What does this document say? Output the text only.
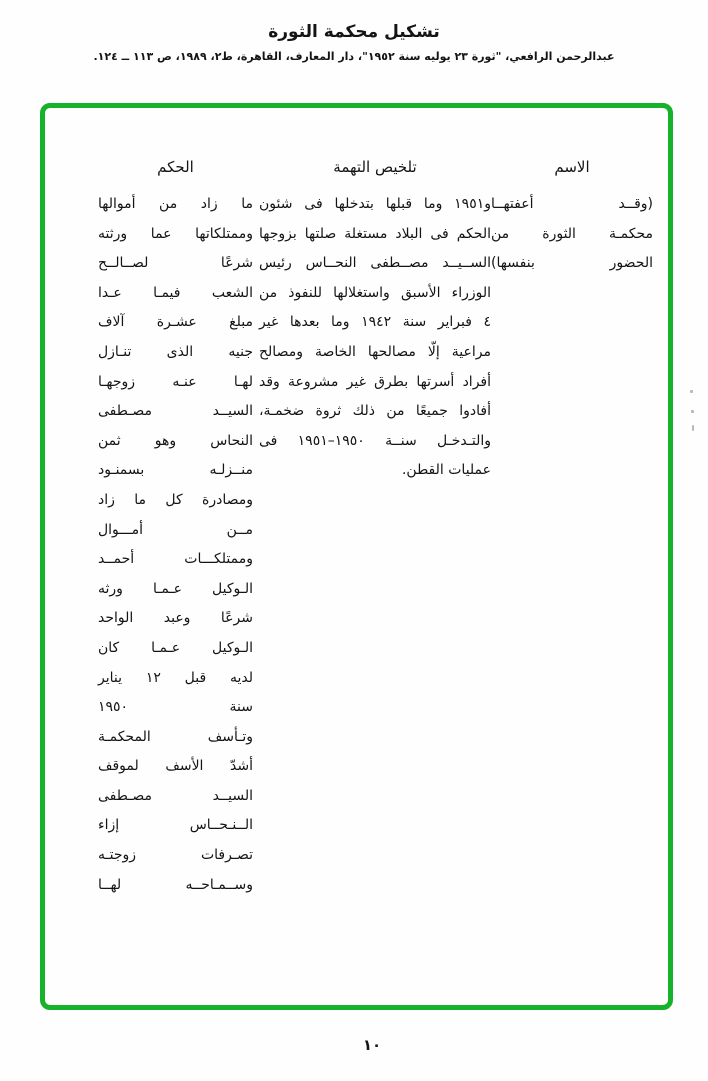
تشكيل محكمة الثورة
عبدالرحمن الرافعي، "ثورة ٢٣ يوليه سنة ١٩٥٢"، دار المعارف، القاهرة، ط٢، ١٩٨٩، ص ١١٣ ــ ١٢٤.
الاسم
تلخيص التهمة
الحكم
(وقــد أعفتهــا
محكمـة الثورة من
الحضور بنفسها)
و١٩٥١ وما قبلها بتدخلها فى شئون
الحكم فى البلاد مستغلة صلتها بزوجها
الســيــد مصــطفى النحــاس رئيس
الوزراء الأسبق واستغلالها للنفوذ من
٤ فبراير سنة ١٩٤٢ وما بعدها غير
مراعية إلّا مصالحها الخاصة ومصالح
أفراد أسرتها بطرق غير مشروعة وقد
أفادوا جميعًا من ذلك ثروة ضخمـة،
والتـدخـل سنــة ١٩٥٠–١٩٥١ فى
عمليات القطن.
ما زاد من أموالها
وممتلكاتها عما ورثته
شرعًا لصــالــح
الشعب فيمـا عـدا
مبلغ عشـرة آلاف
جنيه الذى تنـازل
لهـا عنـه زوجهـا
السيــد مصـطفى
النحاس وهو ثمن
منــزلـه بسمنـود
ومصادرة كل ما زاد
مــن أمـــوال
وممتلكـــات أحمــد
الـوكيل عـمـا ورثه
شرعًا وعبد الواحد
الـوكيل عـمـا كان
لديه قبل ١٢ يناير
سنة ١٩٥٠
وتـأسف المحكمـة
أشدّ الأسف لموقف
السيــد مصـطفى
الــنـحــاس إزاء
تصـرفات زوجتـه
وســمـاحــه لهــا
١٠
